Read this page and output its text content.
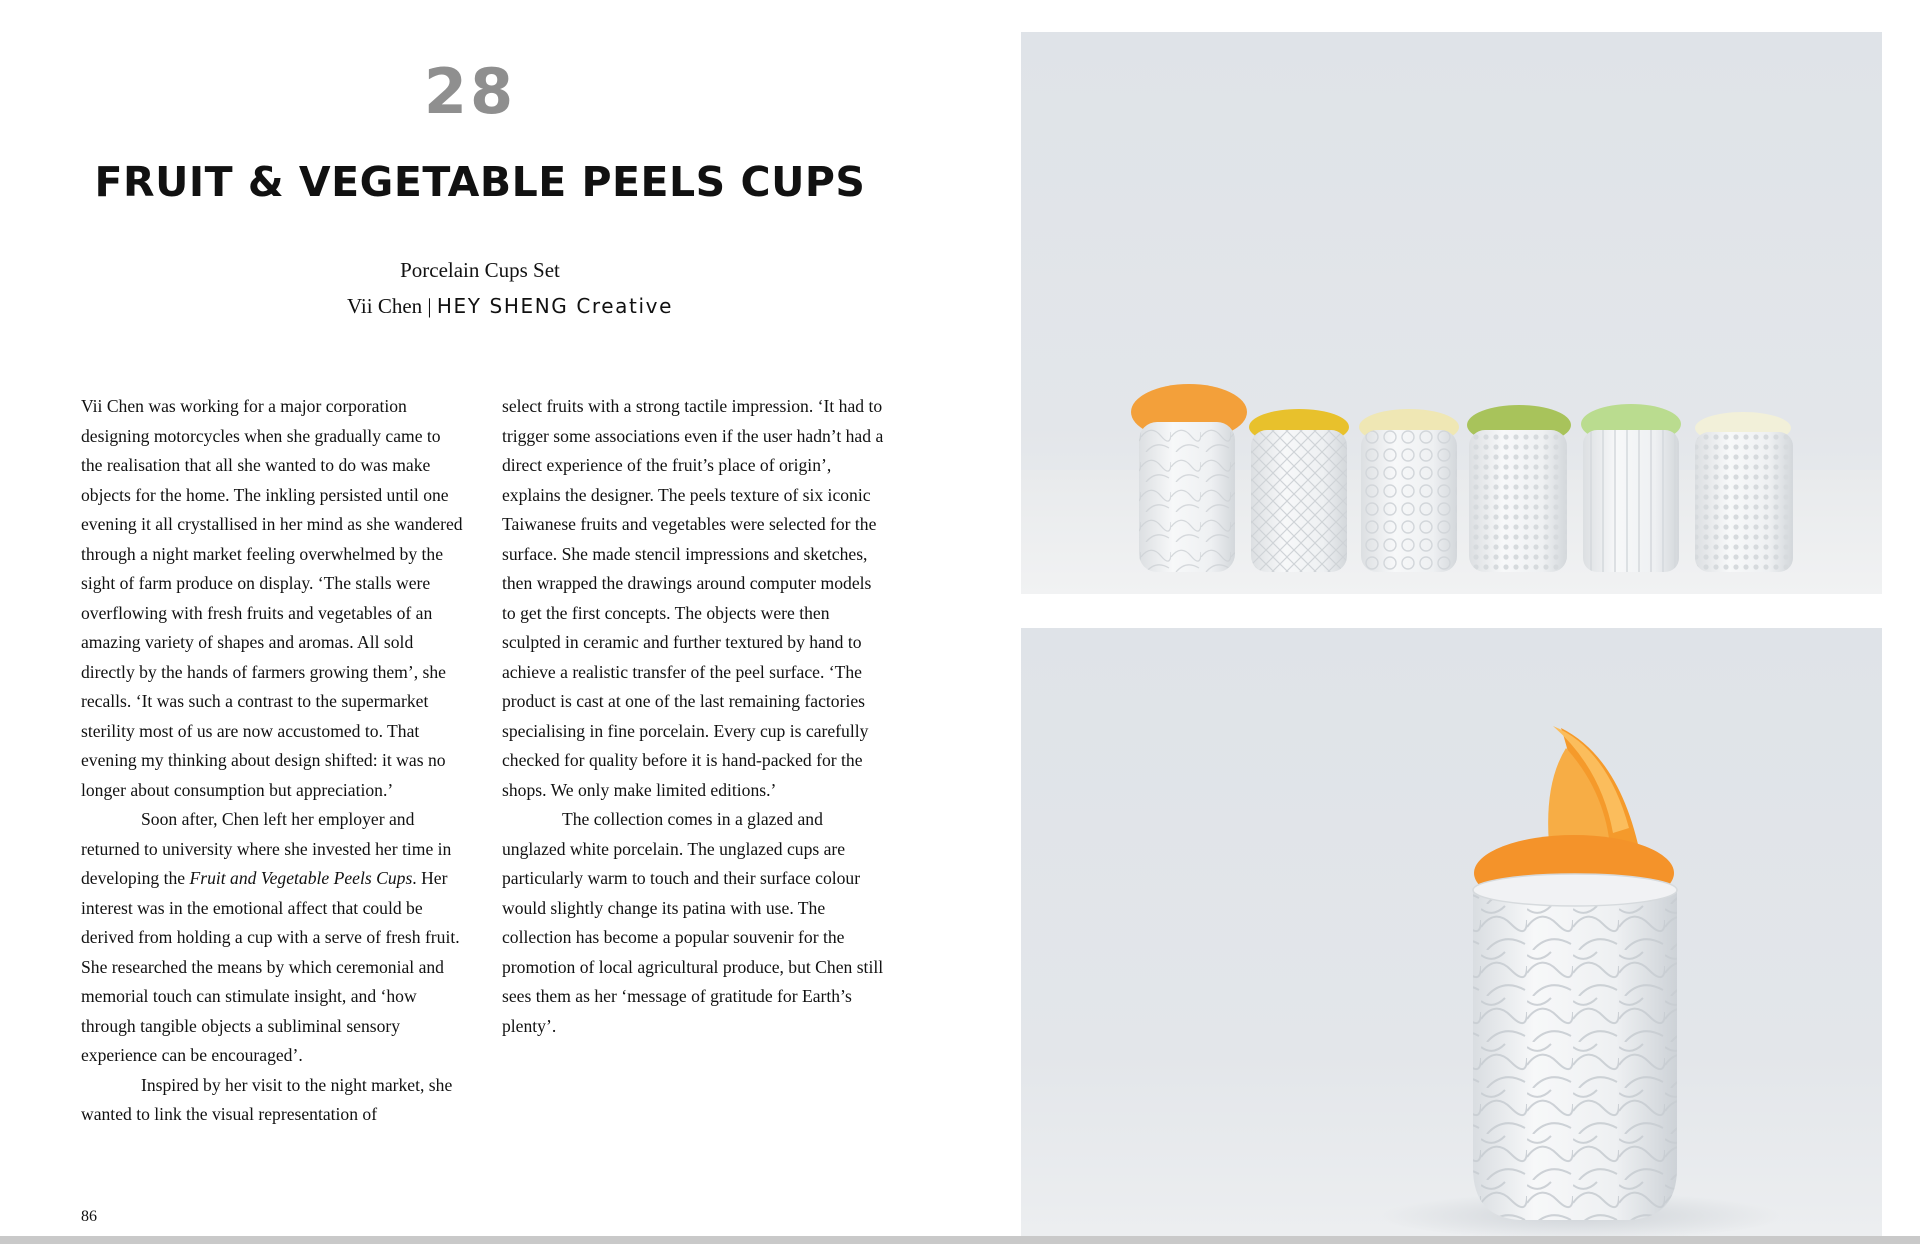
28
FRUIT & VEGETABLE PEELS CUPS
Porcelain Cups Set
Vii Chen | HEY SHENG Creative

Vii Chen was working for a major corporation designing motorcycles when she gradually came to the realisation that all she wanted to do was make objects for the home. The inkling persisted until one evening it all crystallised in her mind as she wandered through a night market feeling overwhelmed by the sight of farm produce on display. ‘The stalls were overflowing with fresh fruits and vegetables of an amazing variety of shapes and aromas. All sold directly by the hands of farmers growing them’, she recalls. ‘It was such a contrast to the supermarket sterility most of us are now accustomed to. That evening my thinking about design shifted: it was no longer about consumption but appreciation.’

Soon after, Chen left her employer and returned to university where she invested her time in developing the Fruit and Vegetable Peels Cups. Her interest was in the emotional affect that could be derived from holding a cup with a serve of fresh fruit. She researched the means by which ceremonial and memorial touch can stimulate insight, and ‘how through tangible objects a subliminal sensory experience can be encouraged’.

Inspired by her visit to the night market, she wanted to link the visual representation of

select fruits with a strong tactile impression. ‘It had to trigger some associations even if the user hadn’t had a direct experience of the fruit’s place of origin’, explains the designer. The peels texture of six iconic Taiwanese fruits and vegetables were selected for the surface. She made stencil impressions and sketches, then wrapped the drawings around computer models to get the first concepts. The objects were then sculpted in ceramic and further textured by hand to achieve a realistic transfer of the peel surface. ‘The product is cast at one of the last remaining factories specialising in fine porcelain. Every cup is carefully checked for quality before it is hand-packed for the shops. We only make limited editions.’

The collection comes in a glazed and unglazed white porcelain. The unglazed cups are particularly warm to touch and their surface colour would slightly change its patina with use. The collection has become a popular souvenir for the promotion of local agricultural produce, but Chen still sees them as her ‘message of gratitude for Earth’s plenty’.

86
